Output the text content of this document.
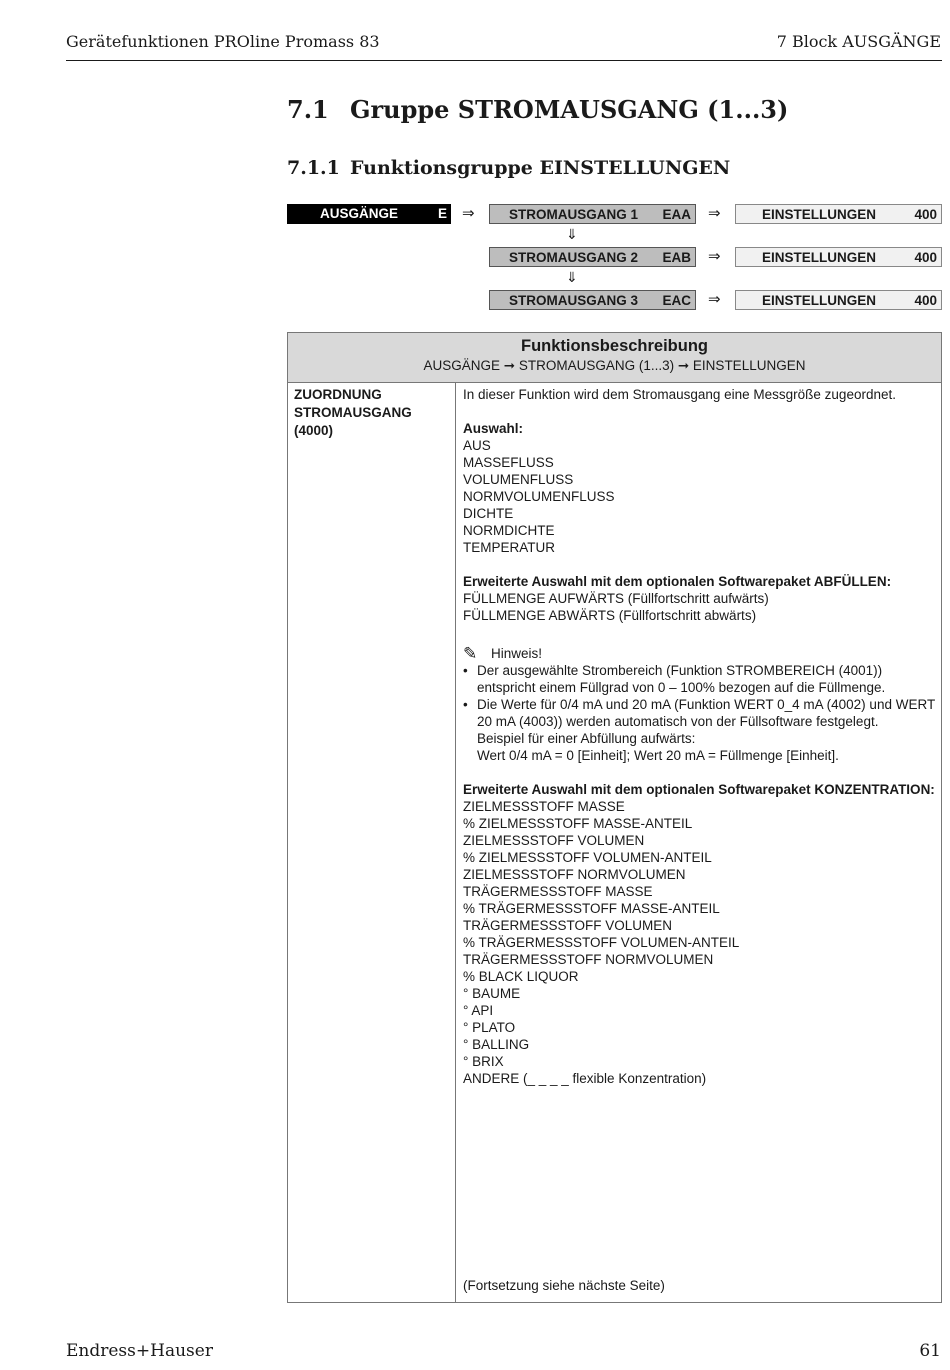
Gerätefunktionen PROline Promass 83	7 Block AUSGÄNGE
7.1 Gruppe STROMAUSGANG (1...3)
7.1.1 Funktionsgruppe EINSTELLUNGEN
AUSGÄNGE	E ⇒	STROMAUSGANG 1 EAA ⇒	EINSTELLUNGEN	400
⇓
⇒
STROMAUSGANG 2 EAB	EINSTELLUNGEN	400
⇓
⇒
STROMAUSGANG 3 EAC	EINSTELLUNGEN	400
Funktionsbeschreibung
AUSGÄNGE ➞ STROMAUSGANG (1...3) ➞ EINSTELLUNGEN
ZUORDNUNG
STROMAUSGANG
(4000)

In dieser Funktion wird dem Stromausgang eine Messgröße zugeordnet.

Auswahl:

AUS

MASSEFLUSS

VOLUMENFLUSS

NORMVOLUMENFLUSS

DICHTE

NORMDICHTE

TEMPERATUR

Erweiterte Auswahl mit dem optionalen Softwarepaket ABFÜLLEN:

FÜLLMENGE AUFWÄRTS (Füllfortschritt aufwärts)

FÜLLMENGE ABWÄRTS (Füllfortschritt abwärts)

✎ Hinweis!

• Der ausgewählte Strombereich (Funktion STROMBEREICH (4001))

entspricht einem Füllgrad von 0 – 100% bezogen auf die Füllmenge.

• Die Werte für 0/4 mA und 20 mA (Funktion WERT 0_4 mA (4002) und WERT

20 mA (4003)) werden automatisch von der Füllsoftware festgelegt.

Beispiel für einer Abfüllung aufwärts:

Wert 0/4 mA = 0 [Einheit]; Wert 20 mA = Füllmenge [Einheit].

Erweiterte Auswahl mit dem optionalen Softwarepaket KONZENTRATION:

ZIELMESSSTOFF MASSE

% ZIELMESSSTOFF MASSE-ANTEIL

ZIELMESSSTOFF VOLUMEN

% ZIELMESSSTOFF VOLUMEN-ANTEIL

ZIELMESSSTOFF NORMVOLUMEN

TRÄGERMESSSTOFF MASSE

% TRÄGERMESSSTOFF MASSE-ANTEIL

TRÄGERMESSSTOFF VOLUMEN

% TRÄGERMESSSTOFF VOLUMEN-ANTEIL

TRÄGERMESSSTOFF NORMVOLUMEN

% BLACK LIQUOR

° BAUME

° API

° PLATO

° BALLING

° BRIX

ANDERE (_ _ _ _ flexible Konzentration)

(Fortsetzung siehe nächste Seite)
Endress+Hauser	61
